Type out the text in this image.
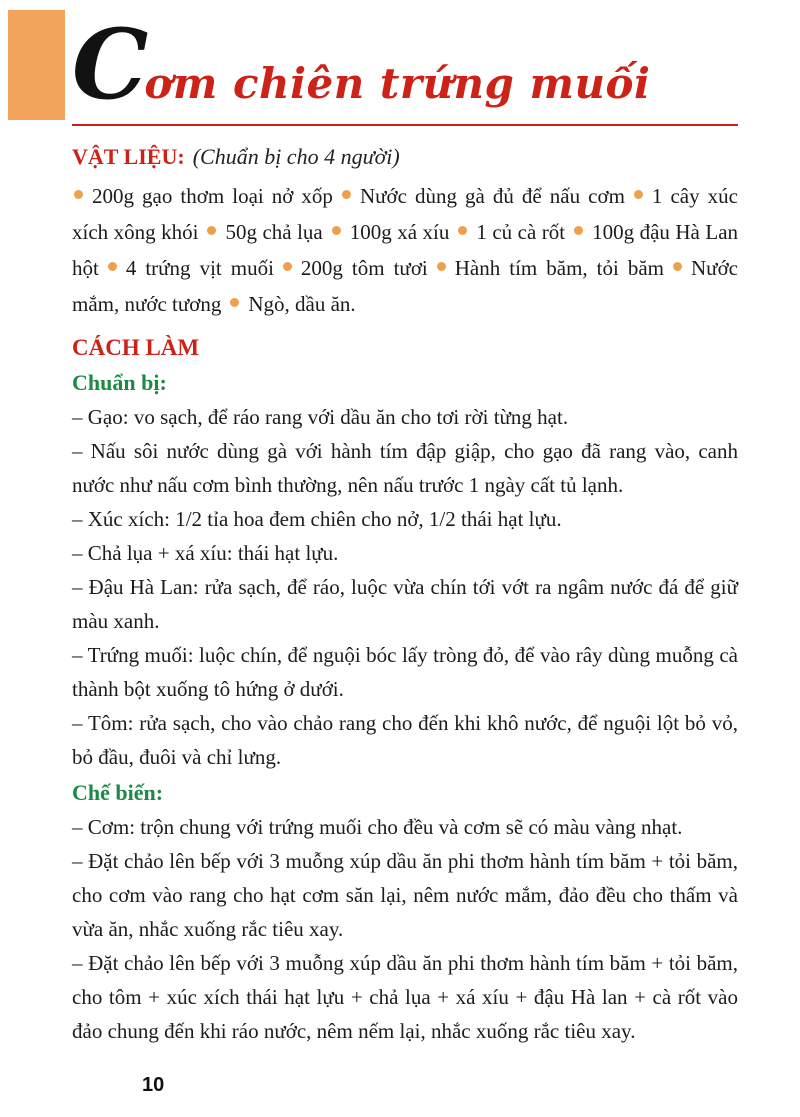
C
ơm chiên trứng muối

VẬT LIỆU: (Chuẩn bị cho 4 người)

200g gạo thơm loại nở xốp Nước dùng gà đủ để nấu cơm 1 cây xúc xích xông khói 50g chả lụa 100g xá xíu 1 củ cà rốt 100g đậu Hà Lan hột 4 trứng vịt muối 200g tôm tươi Hành tím băm, tỏi băm Nước mắm, nước tương Ngò, dầu ăn.

CÁCH LÀM
Chuẩn bị:

– Gạo: vo sạch, để ráo rang với dầu ăn cho tơi rời từng hạt.

– Nấu sôi nước dùng gà với hành tím đập giập, cho gạo đã rang vào, canh nước như nấu cơm bình thường, nên nấu trước 1 ngày cất tủ lạnh.

– Xúc xích: 1/2 tỉa hoa đem chiên cho nở, 1/2 thái hạt lựu.

– Chả lụa + xá xíu: thái hạt lựu.

– Đậu Hà Lan: rửa sạch, để ráo, luộc vừa chín tới vớt ra ngâm nước đá để giữ màu xanh.

– Trứng muối: luộc chín, để nguội bóc lấy tròng đỏ, để vào rây dùng muỗng cà thành bột xuống tô hứng ở dưới.

– Tôm: rửa sạch, cho vào chảo rang cho đến khi khô nước, để nguội lột bỏ vỏ, bỏ đầu, đuôi và chỉ lưng.

Chế biến:

– Cơm: trộn chung với trứng muối cho đều và cơm sẽ có màu vàng nhạt.

– Đặt chảo lên bếp với 3 muỗng xúp dầu ăn phi thơm hành tím băm + tỏi băm, cho cơm vào rang cho hạt cơm săn lại, nêm nước mắm, đảo đều cho thấm và vừa ăn, nhắc xuống rắc tiêu xay.

– Đặt chảo lên bếp với 3 muỗng xúp dầu ăn phi thơm hành tím băm + tỏi băm, cho tôm + xúc xích thái hạt lựu + chả lụa + xá xíu + đậu Hà lan + cà rốt vào đảo chung đến khi ráo nước, nêm nếm lại, nhắc xuống rắc tiêu xay.

10
